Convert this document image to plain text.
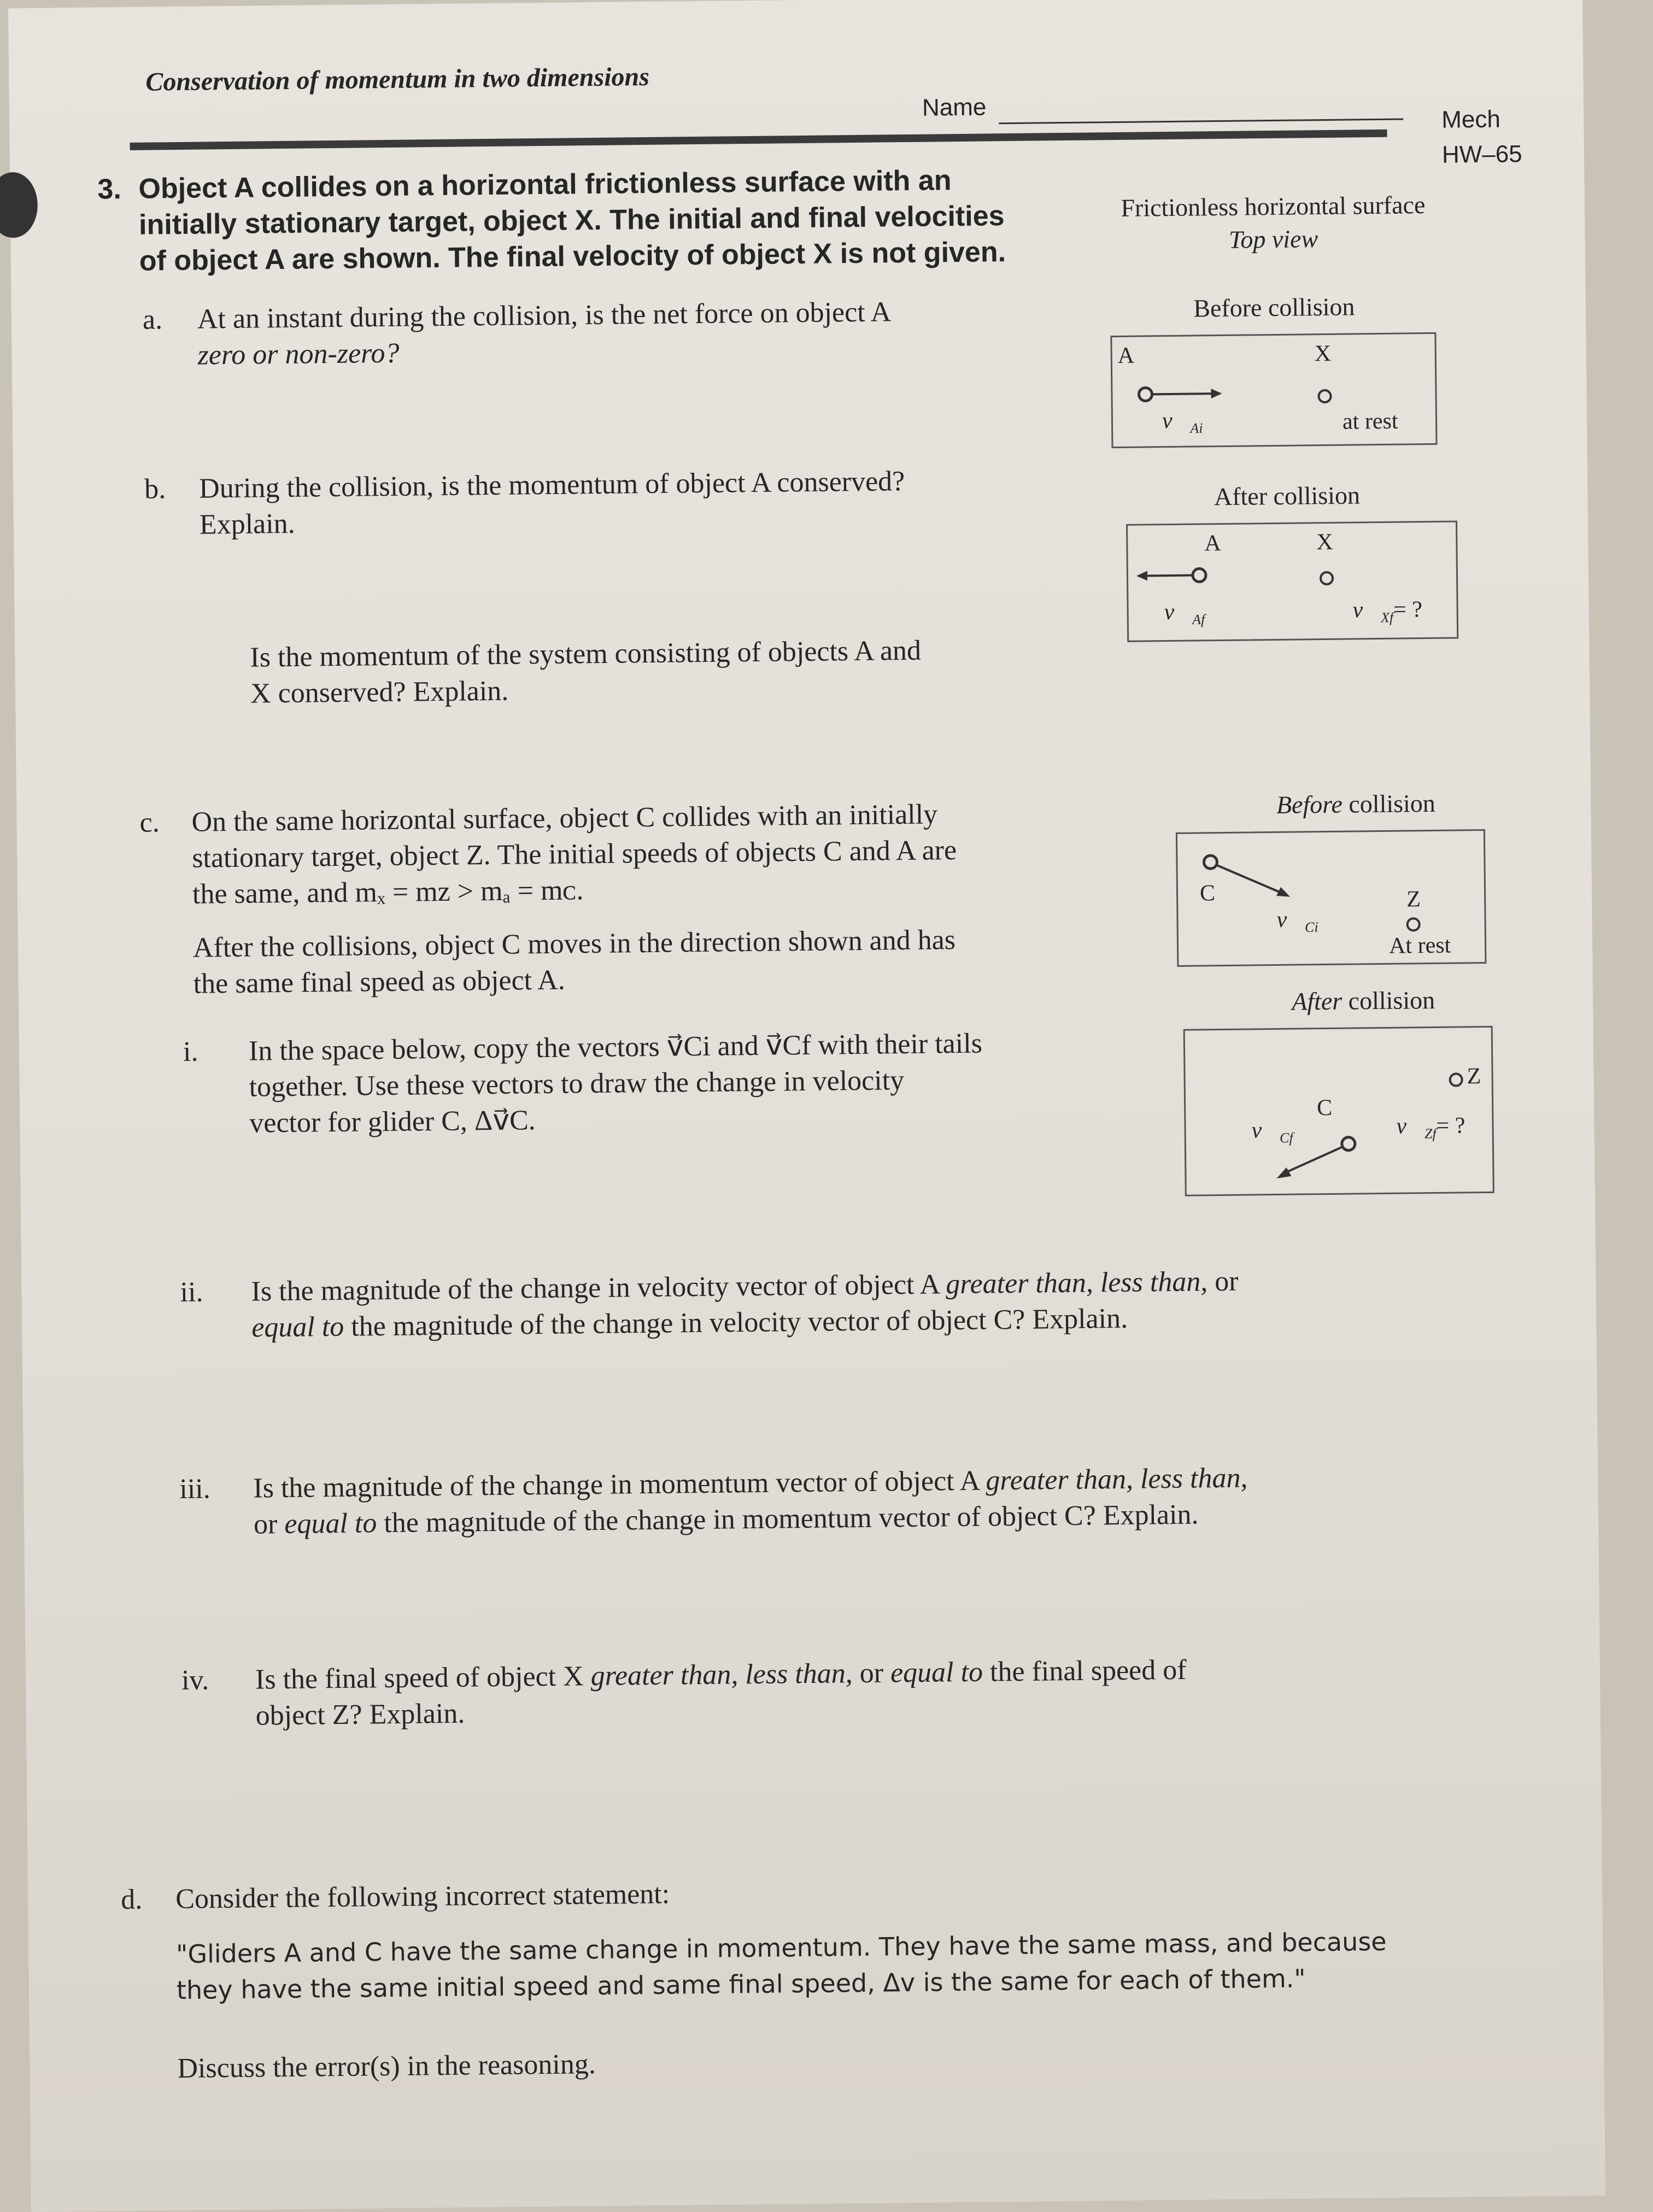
Conservation of momentum in two dimensions
Name	Mech
HW–65
3. Object A collides on a horizontal frictionless surface with an
initially stationary target, object X. The initial and final velocities
of object A are shown. The final velocity of object X is not given.
a. At an instant during the collision, is the net force on object A
zero or non-zero?
b. During the collision, is the momentum of object A conserved?
Explain.
Is the momentum of the system consisting of objects A and
X conserved? Explain.
c. On the same horizontal surface, object C collides with an initially
stationary target, object Z. The initial speeds of objects C and A are
the same, and mₓ = mᴢ > mₐ = mᴄ.
After the collisions, object C moves in the direction shown and has
the same final speed as object A.
i. In the space below, copy the vectors v⃗Ci and v⃗Cf with their tails
together. Use these vectors to draw the change in velocity
vector for glider C, Δv⃗C.
ii. Is the magnitude of the change in velocity vector of object A greater than, less than, or
equal to the magnitude of the change in velocity vector of object C? Explain.
iii. Is the magnitude of the change in momentum vector of object A greater than, less than,
or equal to the magnitude of the change in momentum vector of object C? Explain.
iv. Is the final speed of object X greater than, less than, or equal to the final speed of
object Z? Explain.
d. Consider the following incorrect statement:
"Gliders A and C have the same change in momentum. They have the same mass, and because
they have the same initial speed and same final speed, Δv is the same for each of them."
Discuss the error(s) in the reasoning.
Frictionless horizontal surface
Top view
Before collision
A	X
$v⃗_{Ai}$	at rest
After collision
A	X
$v⃗_{Af}$	$v⃗_{Xf}=$ ?
Before collision
C
$v⃗_{Ci}$
Z
At rest
After collision
C
$v⃗_{Cf}$
Z
$v⃗_{Zf}=$ ?
